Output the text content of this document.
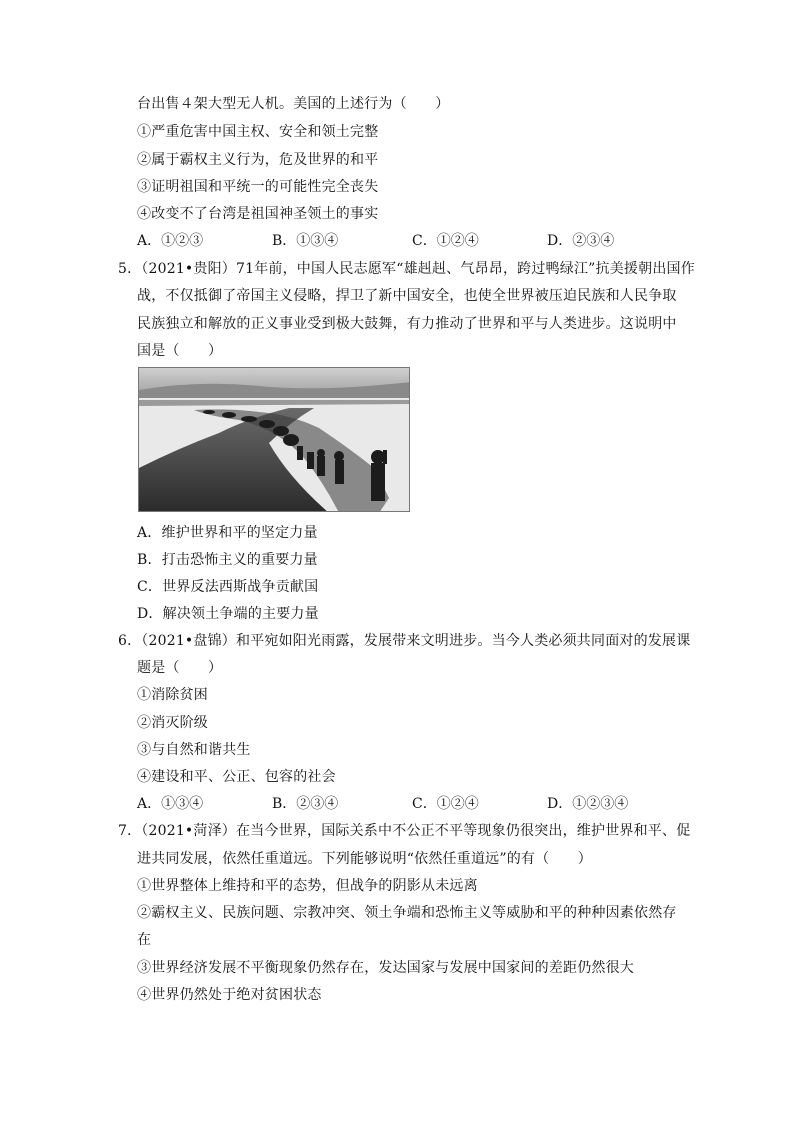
台出售４架大型无人机。美国的上述行为（　　）
①严重危害中国主权、安全和领土完整
②属于霸权主义行为，危及世界的和平
③证明祖国和平统一的可能性完全丧失
④改变不了台湾是祖国神圣领土的事实
A．①②③	B．①③④	C．①②④	D．②③④
5．（2021•贵阳）71年前，中国人民志愿军“雄赳赳、气昂昂，跨过鸭绿江”抗美援朝出国作
战，不仅抵御了帝国主义侵略，捍卫了新中国安全，也使全世界被压迫民族和人民争取
民族独立和解放的正义事业受到极大鼓舞，有力推动了世界和平与人类进步。这说明中
国是（　　）
A．维护世界和平的坚定力量
B．打击恐怖主义的重要力量
C．世界反法西斯战争贡献国
D．解决领土争端的主要力量
6．（2021•盘锦）和平宛如阳光雨露，发展带来文明进步。当今人类必须共同面对的发展课
题是（　　）
①消除贫困
②消灭阶级
③与自然和谐共生
④建设和平、公正、包容的社会
A．①③④	B．②③④	C．①②④	D．①②③④
7．（2021•菏泽）在当今世界，国际关系中不公正不平等现象仍很突出，维护世界和平、促
进共同发展，依然任重道远。下列能够说明“依然任重道远”的有（　　）
①世界整体上维持和平的态势，但战争的阴影从未远离
②霸权主义、民族问题、宗教冲突、领土争端和恐怖主义等威胁和平的种种因素依然存
在
③世界经济发展不平衡现象仍然存在，发达国家与发展中国家间的差距仍然很大
④世界仍然处于绝对贫困状态
